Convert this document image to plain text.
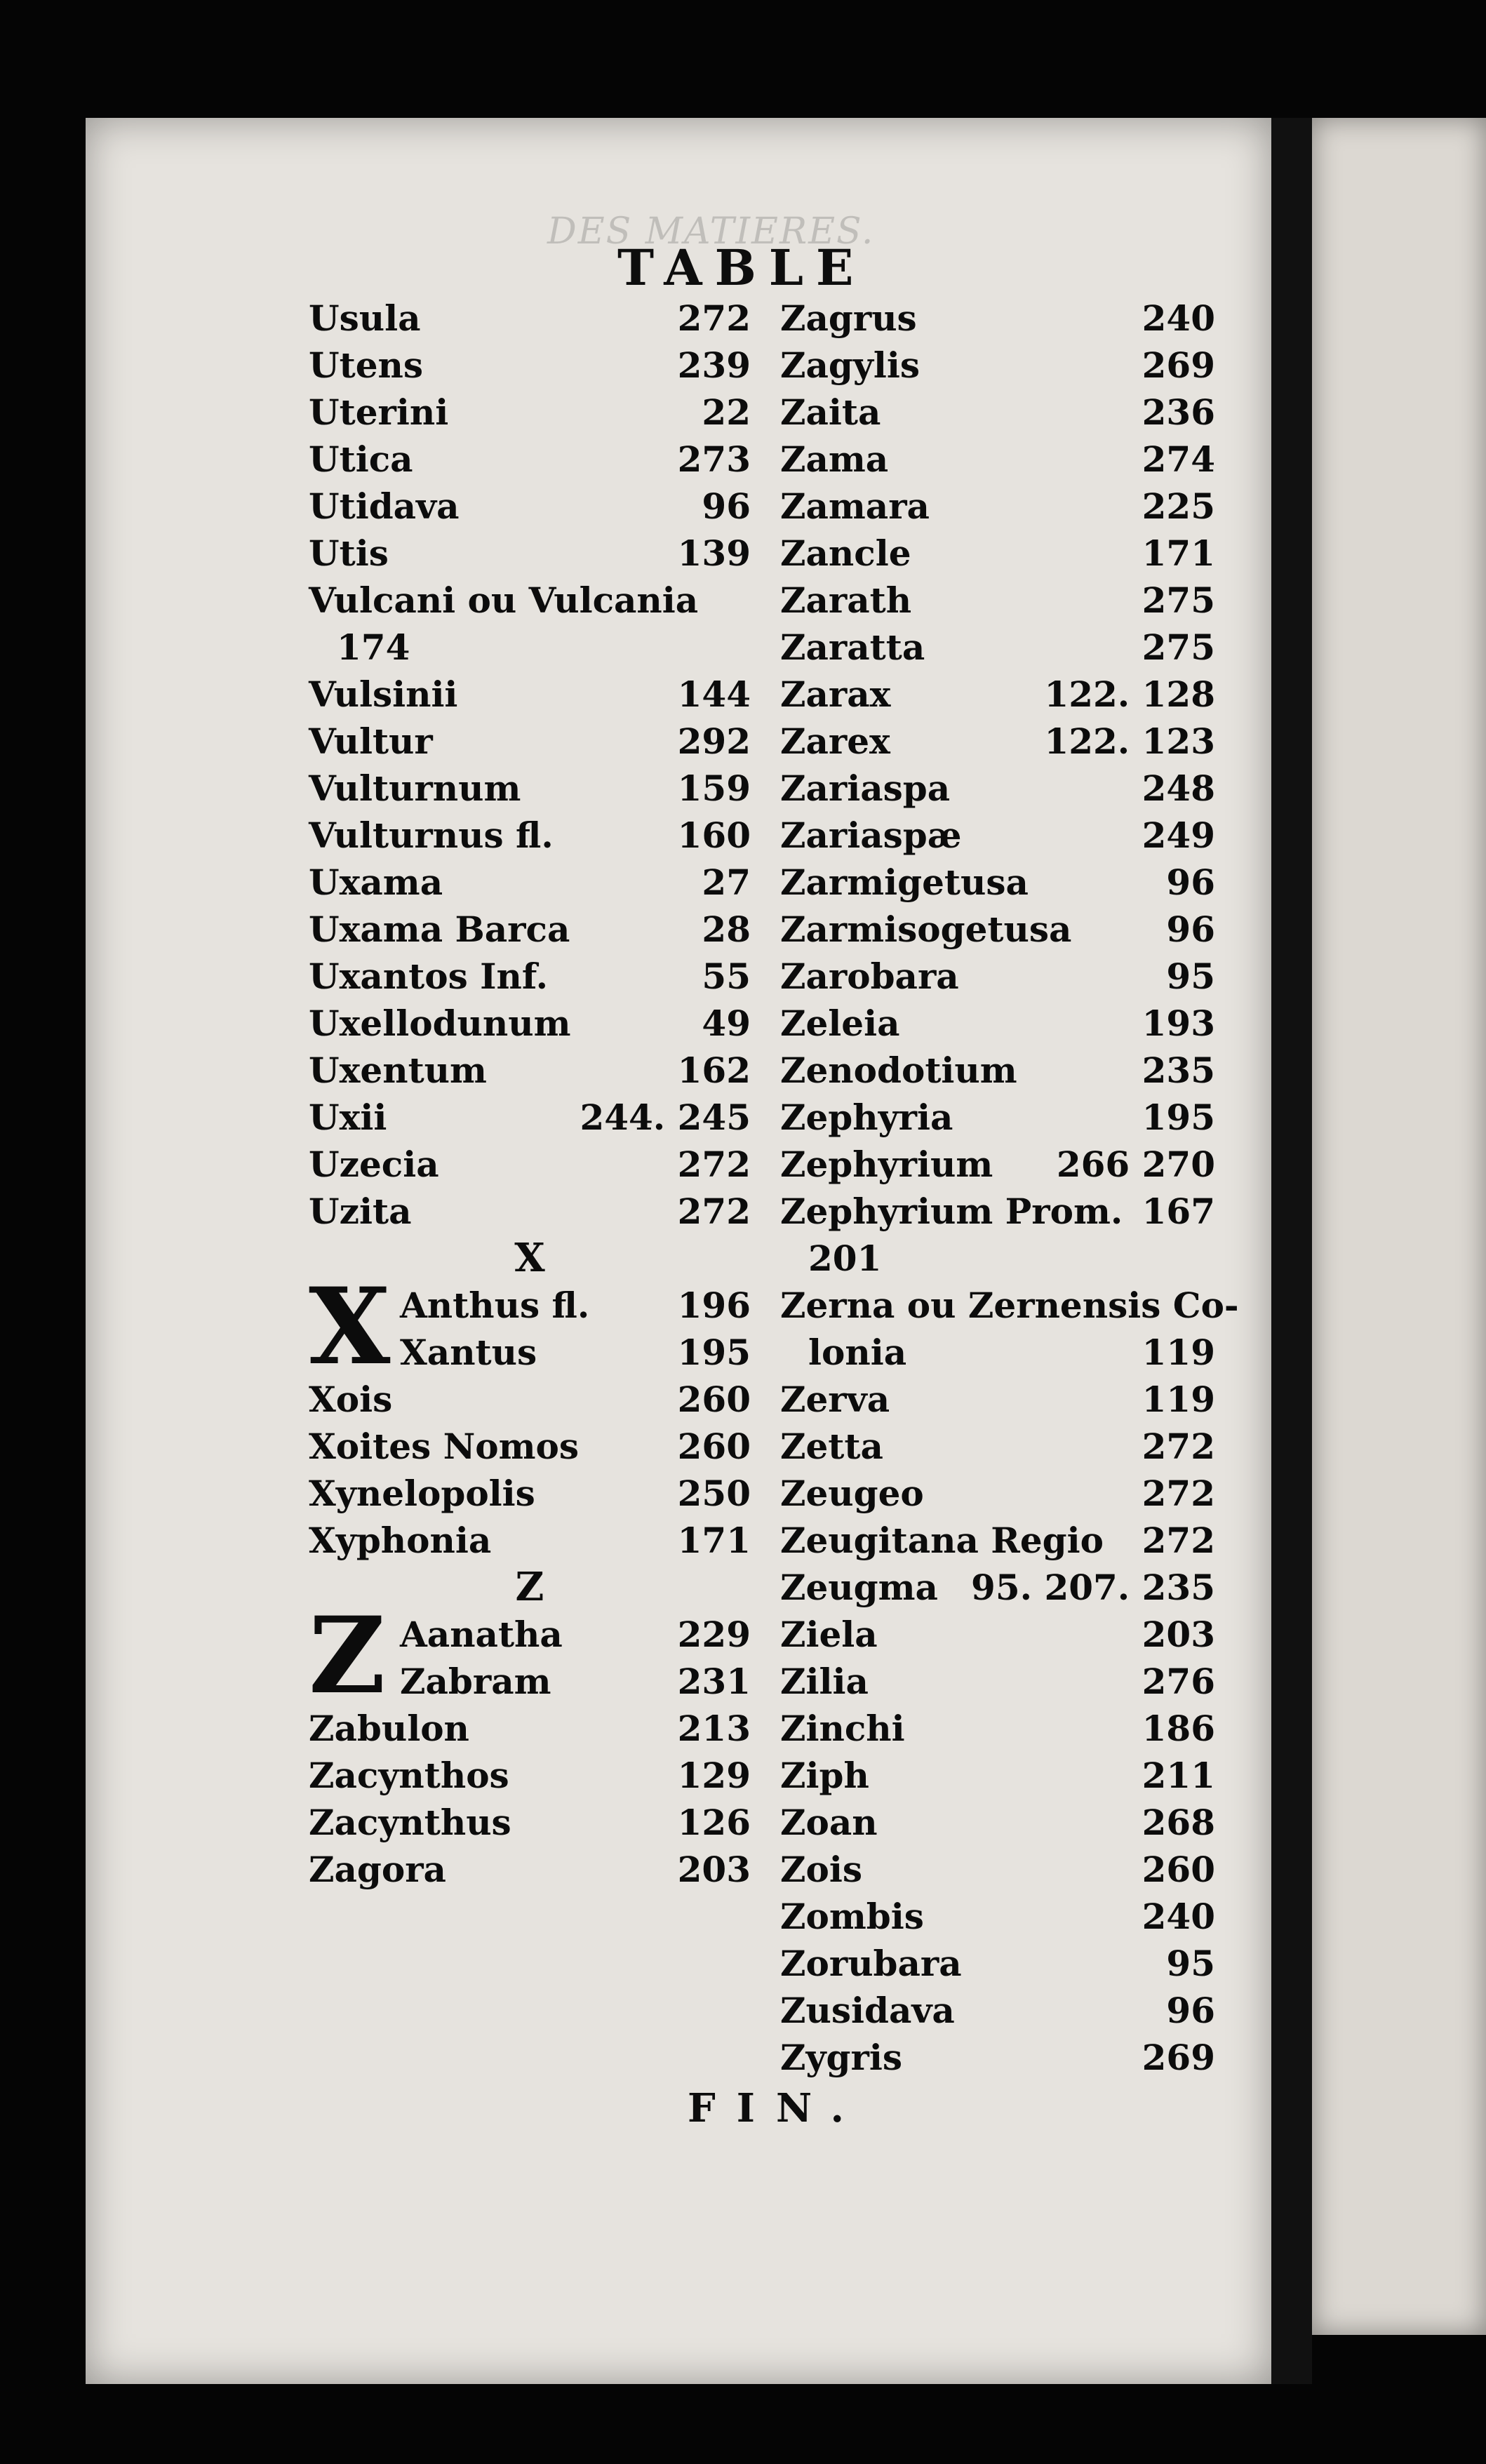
DES MATIERES.
TABLE
Usula	272
Utens	239
Uterini	22
Utica	273
Utidava	96
Utis	139
Vulcani ou Vulcania
174
Vulsinii	144
Vultur	292
Vulturnum	159
Vulturnus fl.	160
Uxama	27
Uxama Barca	28
Uxantos Inf.	55
Uxellodunum	49
Uxentum	162
Uxii	244. 245
Uzecia	272
Uzita	272
X
X Anthus fl.	196
Xantus	195
Xois	260
Xoites Nomos	260
Xynelopolis	250
Xyphonia	171
Z
Z Aanatha	229
Zabram	231
Zabulon	213
Zacynthos	129
Zacynthus	126
Zagora	203
Zagrus	240
Zagylis	269
Zaita	236
Zama	274
Zamara	225
Zancle	171
Zarath	275
Zaratta	275
Zarax	122. 128
Zarex	122. 123
Zariaspa	248
Zariaspæ	249
Zarmigetusa	96
Zarmisogetusa	96
Zarobara	95
Zeleia	193
Zenodotium	235
Zephyria	195
Zephyrium 266 270
Zephyrium Prom. 167
201
Zerna ou Zernensis Co-
lonia	119
Zerva	119
Zetta	272
Zeugeo	272
Zeugitana Regio 272
Zeugma 95. 207. 235
Ziela	203
Zilia	276
Zinchi	186
Ziph	211
Zoan	268
Zois	260
Zombis	240
Zorubara	95
Zusidava	96
Zygris	269
FIN.
